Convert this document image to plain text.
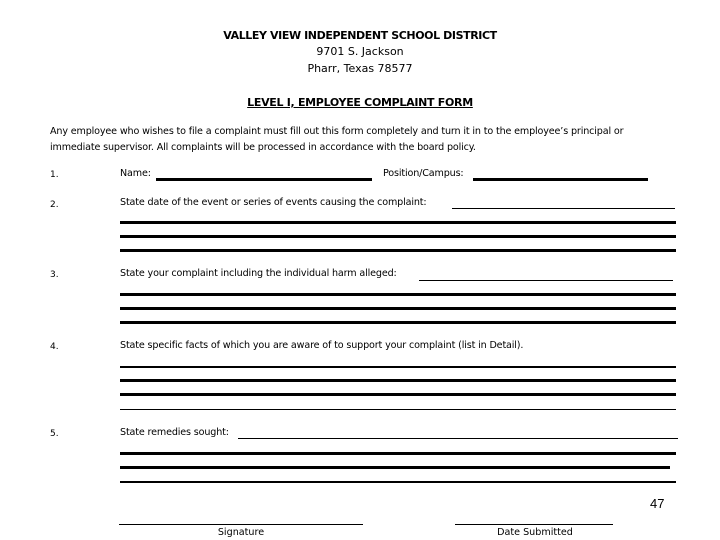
VALLEY VIEW INDEPENDENT SCHOOL DISTRICT
9701 S. Jackson
Pharr, Texas 78577
LEVEL I, EMPLOYEE COMPLAINT FORM
Any employee who wishes to file a complaint must fill out this form completely and turn it in to the employee’s principal or
immediate supervisor. All complaints will be processed in accordance with the board policy.
1.	Name:	Position/Campus:
2.	State date of the event or series of events causing the complaint:
3.	State your complaint including the individual harm alleged:
4.	State specific facts of which you are aware of to support your complaint (list in Detail).
5.	State remedies sought:
47
Signature	Date Submitted
